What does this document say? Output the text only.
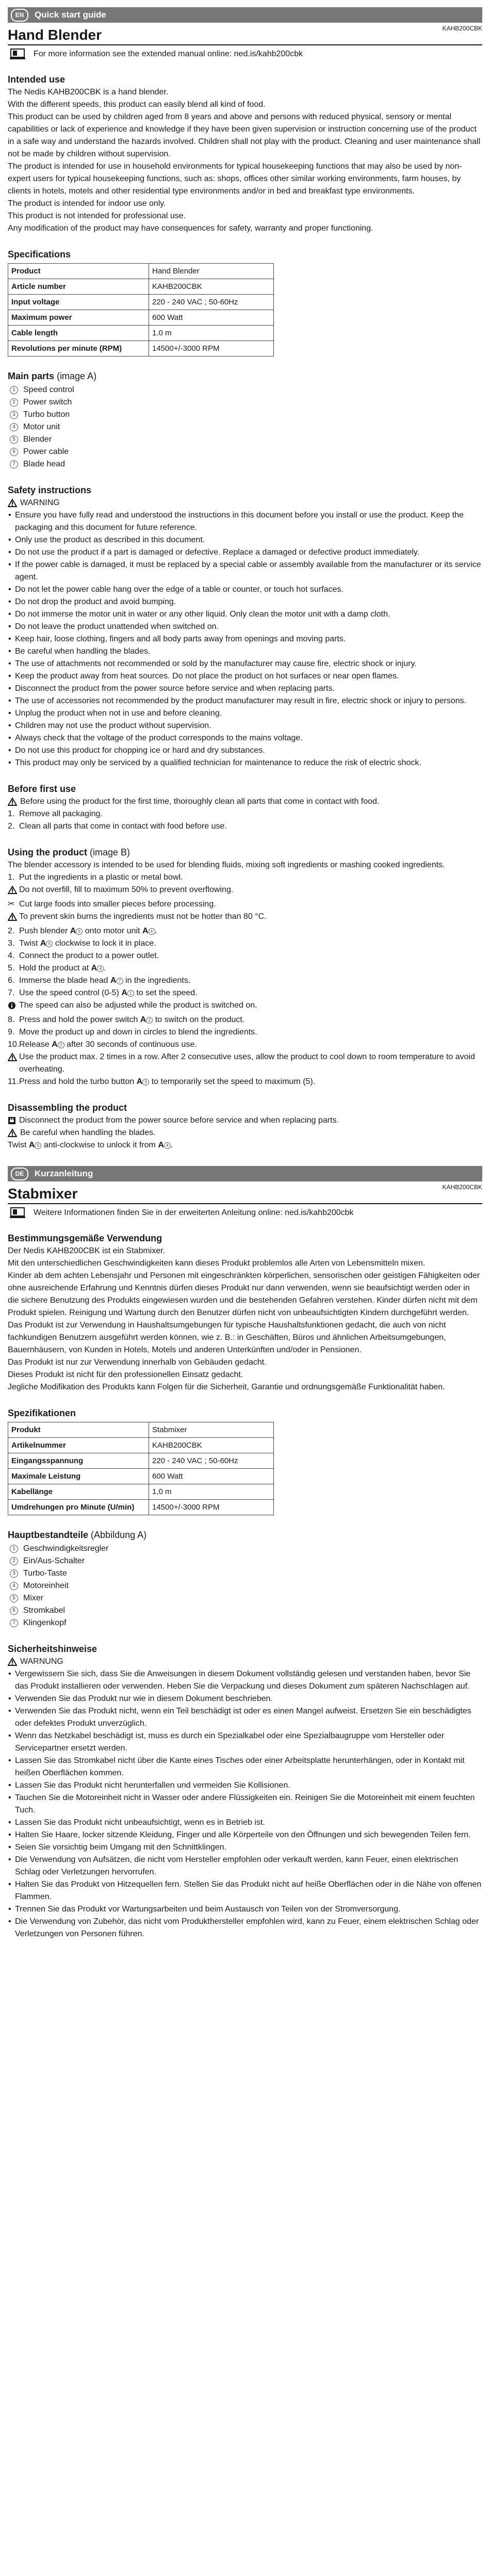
EN	Quick start guide
Hand Blender	KAHB200CBK
For more information see the extended manual online: ned.is/kahb200cbk
Intended use
The Nedis KAHB200CBK is a hand blender.
With the different speeds, this product can easily blend all kind of food.
This product can be used by children aged from 8 years and above and persons with reduced physical, sensory or mental capabilities or lack of experience and knowledge if they have been given supervision or instruction concerning use of the product in a safe way and understand the hazards involved. Children shall not play with the product. Cleaning and user maintenance shall not be made by children without supervision.
The product is intended for use in household environments for typical housekeeping functions that may also be used by non-expert users for typical housekeeping functions, such as: shops, offices other similar working environments, farm houses, by clients in hotels, motels and other residential type environments and/or in bed and breakfast type environments.
The product is intended for indoor use only.
This product is not intended for professional use.
Any modification of the product may have consequences for safety, warranty and proper functioning.
Specifications
Product	Hand Blender
Article number	KAHB200CBK
Input voltage	220 - 240 VAC ; 50-60Hz
Maximum power	600 Watt
Cable length	1.0 m
Revolutions per minute (RPM)	14500+/-3000 RPM
Main parts (image A)
1 Speed control
2 Power switch
3 Turbo button
4 Motor unit
5 Blender
6 Power cable
7 Blade head
Safety instructions
WARNING
• Ensure you have fully read and understood the instructions in this document before you install or use the product. Keep the packaging and this document for future reference.
• Only use the product as described in this document.
• Do not use the product if a part is damaged or defective. Replace a damaged or defective product immediately.
• If the power cable is damaged, it must be replaced by a special cable or assembly available from the manufacturer or its service agent.
• Do not let the power cable hang over the edge of a table or counter, or touch hot surfaces.
• Do not drop the product and avoid bumping.
• Do not immerse the motor unit in water or any other liquid. Only clean the motor unit with a damp cloth.
• Do not leave the product unattended when switched on.
• Keep hair, loose clothing, fingers and all body parts away from openings and moving parts.
• Be careful when handling the blades.
• The use of attachments not recommended or sold by the manufacturer may cause fire, electric shock or injury.
• Keep the product away from heat sources. Do not place the product on hot surfaces or near open flames.
• Disconnect the product from the power source before service and when replacing parts.
• The use of accessories not recommended by the product manufacturer may result in fire, electric shock or injury to persons.
• Unplug the product when not in use and before cleaning.
• Children may not use the product without supervision.
• Always check that the voltage of the product corresponds to the mains voltage.
• Do not use this product for chopping ice or hard and dry substances.
• This product may only be serviced by a qualified technician for maintenance to reduce the risk of electric shock.
Before first use
Before using the product for the first time, thoroughly clean all parts that come in contact with food.
1. Remove all packaging.
2. Clean all parts that come in contact with food before use.
Using the product (image B)
The blender accessory is intended to be used for blending fluids, mixing soft ingredients or mashing cooked ingredients.
1. Put the ingredients in a plastic or metal bowl.
Do not overfill, fill to maximum 50% to prevent overflowing.
✂ Cut large foods into smaller pieces before processing.
To prevent skin burns the ingredients must not be hotter than 80 °C.
2. Push blender A 5 onto motor unit A 4 .
3. Twist A 5 clockwise to lock it in place.
4. Connect the product to a power outlet.
5. Hold the product at A 4 .
6. Immerse the blade head A 7 in the ingredients.
7. Use the speed control (0-5) A 1 to set the speed.
The speed can also be adjusted while the product is switched on.
8. Press and hold the power switch A 2 to switch on the product.
9. Move the product up and down in circles to blend the ingredients.
10. Release A 2 after 30 seconds of continuous use.
Use the product max. 2 times in a row. After 2 consecutive uses, allow the product to cool down to room temperature to avoid overheating.
11. Press and hold the turbo button A 3 to temporarily set the speed to maximum (5).
Disassembling the product
Disconnect the product from the power source before service and when replacing parts.
Be careful when handling the blades.
Twist A 5 anti-clockwise to unlock it from A 4 .
DE	Kurzanleitung
Stabmixer	KAHB200CBK
Weitere Informationen finden Sie in der erweiterten Anleitung online: ned.is/kahb200cbk
Bestimmungsgemäße Verwendung
Der Nedis KAHB200CBK ist ein Stabmixer.
Mit den unterschiedlichen Geschwindigkeiten kann dieses Produkt problemlos alle Arten von Lebensmitteln mixen.
Kinder ab dem achten Lebensjahr und Personen mit eingeschränkten körperlichen, sensorischen oder geistigen Fähigkeiten oder ohne ausreichende Erfahrung und Kenntnis dürfen dieses Produkt nur dann verwenden, wenn sie beaufsichtigt werden oder in die sichere Benutzung des Produkts eingewiesen wurden und die bestehenden Gefahren verstehen. Kinder dürfen nicht mit dem Produkt spielen. Reinigung und Wartung durch den Benutzer dürfen nicht von unbeaufsichtigten Kindern durchgeführt werden.
Das Produkt ist zur Verwendung in Haushaltsumgebungen für typische Haushaltsfunktionen gedacht, die auch von nicht fachkundigen Benutzern ausgeführt werden können, wie z. B.: in Geschäften, Büros und ähnlichen Arbeitsumgebungen, Bauernhäusern, von Kunden in Hotels, Motels und anderen Unterkünften und/oder in Pensionen.
Das Produkt ist nur zur Verwendung innerhalb von Gebäuden gedacht.
Dieses Produkt ist nicht für den professionellen Einsatz gedacht.
Jegliche Modifikation des Produkts kann Folgen für die Sicherheit, Garantie und ordnungsgemäße Funktionalität haben.
Spezifikationen
Produkt	Stabmixer
Artikelnummer	KAHB200CBK
Eingangsspannung	220 - 240 VAC ; 50-60Hz
Maximale Leistung	600 Watt
Kabellänge	1,0 m
Umdrehungen pro Minute (U/min)	14500+/-3000 RPM
Hauptbestandteile (Abbildung A)
1 Geschwindigkeitsregler
2 Ein/Aus-Schalter
3 Turbo-Taste
4 Motoreinheit
5 Mixer
6 Stromkabel
7 Klingenkopf
Sicherheitshinweise
WARNUNG
• Vergewissern Sie sich, dass Sie die Anweisungen in diesem Dokument vollständig gelesen und verstanden haben, bevor Sie das Produkt installieren oder verwenden. Heben Sie die Verpackung und dieses Dokument zum späteren Nachschlagen auf.
• Verwenden Sie das Produkt nur wie in diesem Dokument beschrieben.
• Verwenden Sie das Produkt nicht, wenn ein Teil beschädigt ist oder es einen Mangel aufweist. Ersetzen Sie ein beschädigtes oder defektes Produkt unverzüglich.
• Wenn das Netzkabel beschädigt ist, muss es durch ein Spezialkabel oder eine Spezialbaugruppe vom Hersteller oder Servicepartner ersetzt werden.
• Lassen Sie das Stromkabel nicht über die Kante eines Tisches oder einer Arbeitsplatte herunterhängen, oder in Kontakt mit heißen Oberflächen kommen.
• Lassen Sie das Produkt nicht herunterfallen und vermeiden Sie Kollisionen.
• Tauchen Sie die Motoreinheit nicht in Wasser oder andere Flüssigkeiten ein. Reinigen Sie die Motoreinheit mit einem feuchten Tuch.
• Lassen Sie das Produkt nicht unbeaufsichtigt, wenn es in Betrieb ist.
• Halten Sie Haare, locker sitzende Kleidung, Finger und alle Körperteile von den Öffnungen und sich bewegenden Teilen fern.
• Seien Sie vorsichtig beim Umgang mit den Schnittklingen.
• Die Verwendung von Aufsätzen, die nicht vom Hersteller empfohlen oder verkauft werden, kann Feuer, einen elektrischen Schlag oder Verletzungen hervorrufen.
• Halten Sie das Produkt von Hitzequellen fern. Stellen Sie das Produkt nicht auf heiße Oberflächen oder in die Nähe von offenen Flammen.
• Trennen Sie das Produkt vor Wartungsarbeiten und beim Austausch von Teilen von der Stromversorgung.
• Die Verwendung von Zubehör, das nicht vom Produkthersteller empfohlen wird, kann zu Feuer, einem elektrischen Schlag oder Verletzungen von Personen führen.
